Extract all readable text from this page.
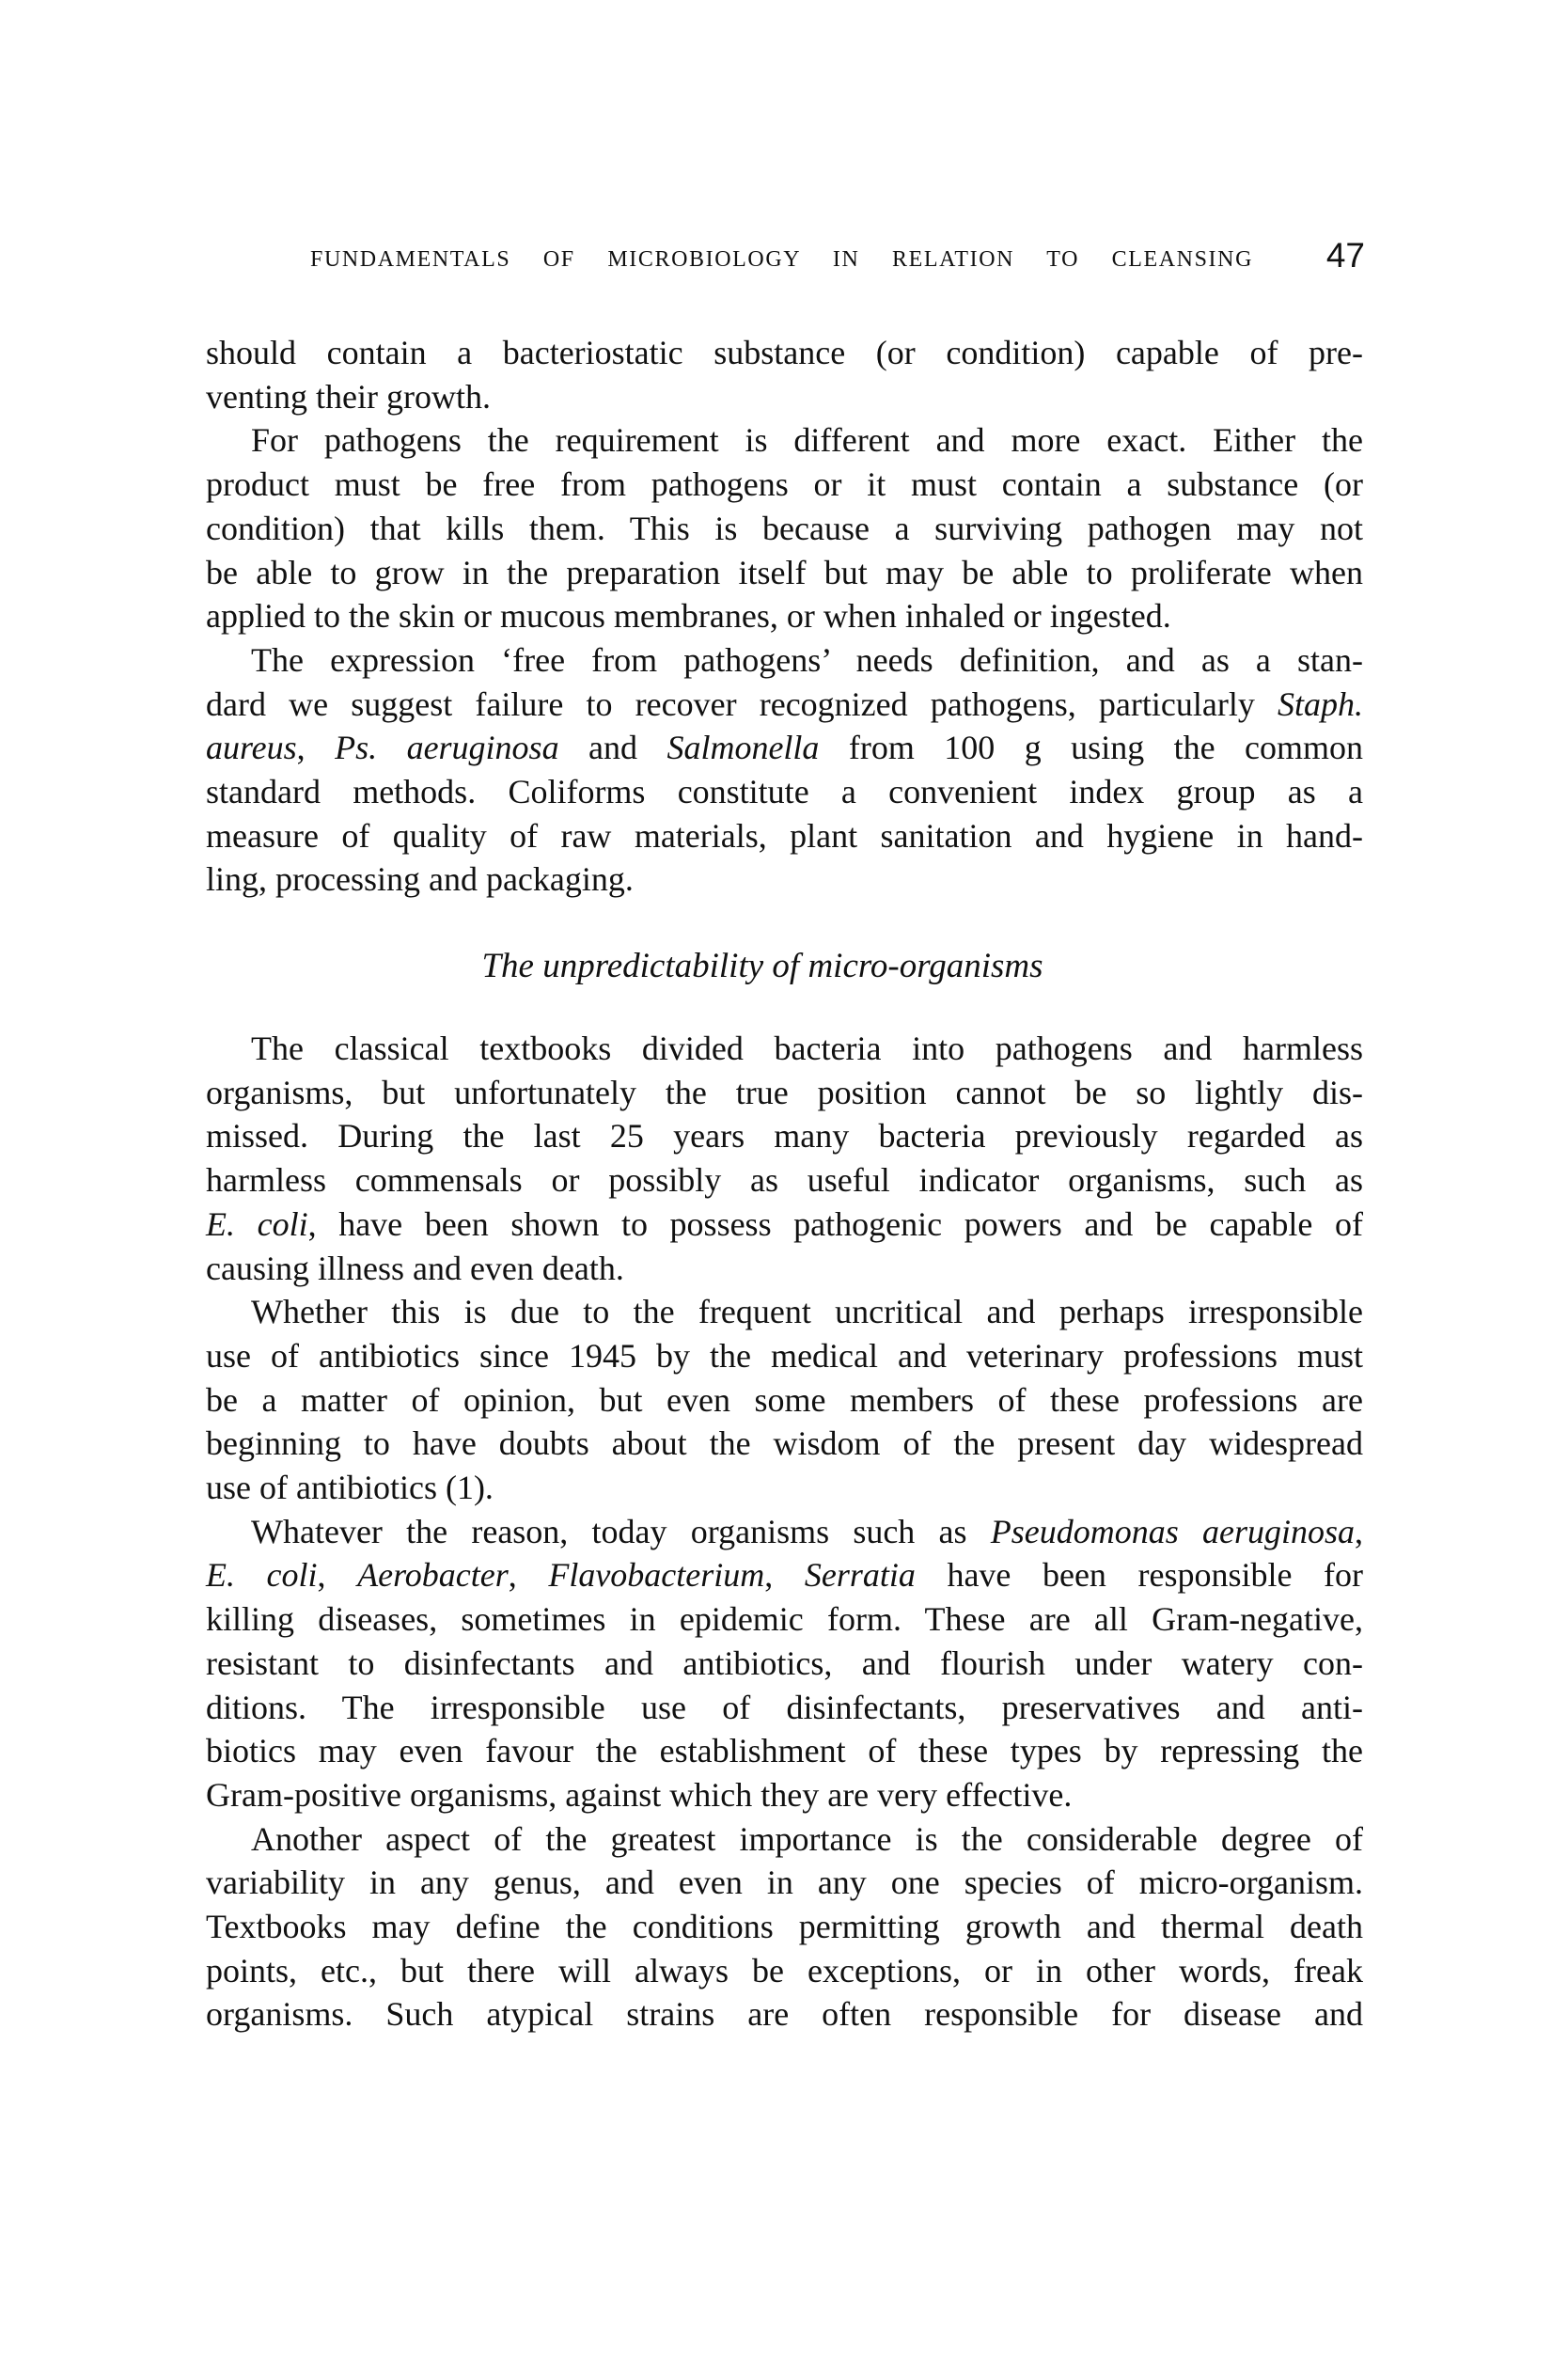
FUNDAMENTALS OF MICROBIOLOGY IN RELATION TO CLEANSING 47
should contain a bacteriostatic substance (or condition) capable of pre-
venting their growth.
For pathogens the requirement is different and more exact. Either the
product must be free from pathogens or it must contain a substance (or
condition) that kills them. This is because a surviving pathogen may not
be able to grow in the preparation itself but may be able to proliferate when
applied to the skin or mucous membranes, or when inhaled or ingested.
The expression ‘free from pathogens’ needs definition, and as a stan-
dard we suggest failure to recover recognized pathogens, particularly Staph.
aureus, Ps. aeruginosa and Salmonella from 100 g using the common
standard methods. Coliforms constitute a convenient index group as a
measure of quality of raw materials, plant sanitation and hygiene in hand-
ling, processing and packaging.
The unpredictability of micro-organisms
The classical textbooks divided bacteria into pathogens and harmless
organisms, but unfortunately the true position cannot be so lightly dis-
missed. During the last 25 years many bacteria previously regarded as
harmless commensals or possibly as useful indicator organisms, such as
E. coli, have been shown to possess pathogenic powers and be capable of
causing illness and even death.
Whether this is due to the frequent uncritical and perhaps irresponsible
use of antibiotics since 1945 by the medical and veterinary professions must
be a matter of opinion, but even some members of these professions are
beginning to have doubts about the wisdom of the present day widespread
use of antibiotics (1).
Whatever the reason, today organisms such as Pseudomonas aeruginosa,
E. coli, Aerobacter, Flavobacterium, Serratia have been responsible for
killing diseases, sometimes in epidemic form. These are all Gram-negative,
resistant to disinfectants and antibiotics, and flourish under watery con-
ditions. The irresponsible use of disinfectants, preservatives and anti-
biotics may even favour the establishment of these types by repressing the
Gram-positive organisms, against which they are very effective.
Another aspect of the greatest importance is the considerable degree of
variability in any genus, and even in any one species of micro-organism.
Textbooks may define the conditions permitting growth and thermal death
points, etc., but there will always be exceptions, or in other words, freak
organisms. Such atypical strains are often responsible for disease and
